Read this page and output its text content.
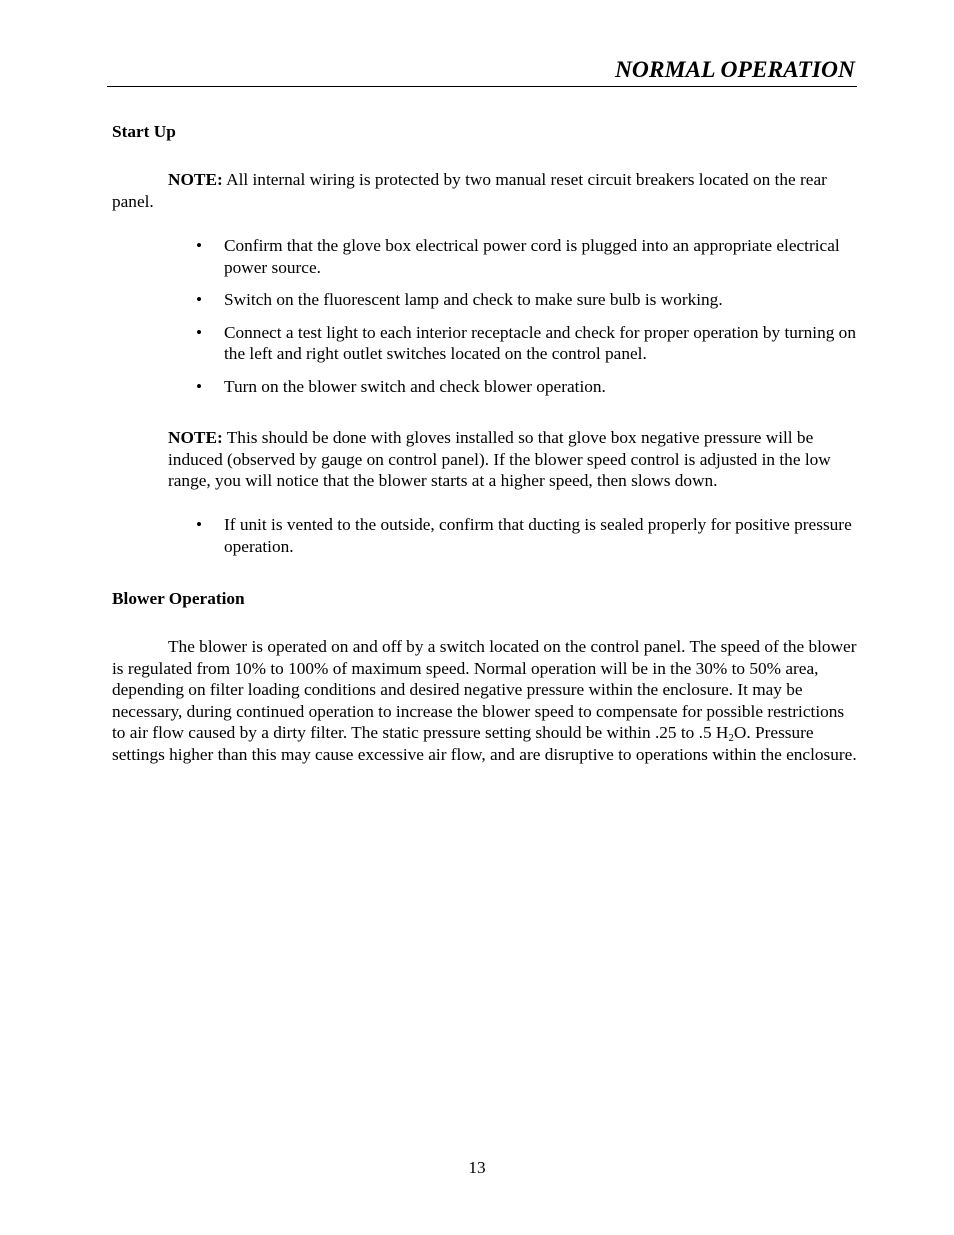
NORMAL OPERATION
Start Up
NOTE: All internal wiring is protected by two manual reset circuit breakers located on the rear panel.
• Confirm that the glove box electrical power cord is plugged into an appropriate electrical power source.
• Switch on the fluorescent lamp and check to make sure bulb is working.
• Connect a test light to each interior receptacle and check for proper operation by turning on the left and right outlet switches located on the control panel.
• Turn on the blower switch and check blower operation.
NOTE: This should be done with gloves installed so that glove box negative pressure will be induced (observed by gauge on control panel). If the blower speed control is adjusted in the low range, you will notice that the blower starts at a higher speed, then slows down.
• If unit is vented to the outside, confirm that ducting is sealed properly for positive pressure operation.
Blower Operation
The blower is operated on and off by a switch located on the control panel. The speed of the blower is regulated from 10% to 100% of maximum speed. Normal operation will be in the 30% to 50% area, depending on filter loading conditions and desired negative pressure within the enclosure. It may be necessary, during continued operation to increase the blower speed to compensate for possible restrictions to air flow caused by a dirty filter. The static pressure setting should be within .25 to .5 $H_2O$. Pressure settings higher than this may cause excessive air flow, and are disruptive to operations within the enclosure.
13
